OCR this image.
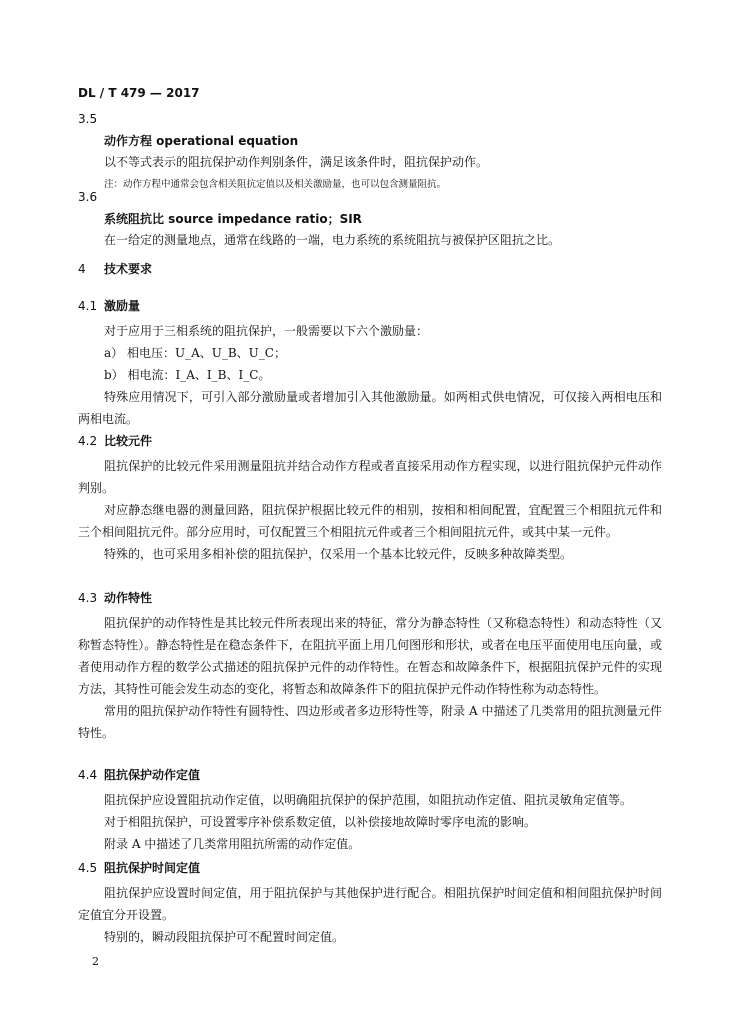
DL / T 479 — 2017
3.5
动作方程 operational equation
以不等式表示的阻抗保护动作判别条件，满足该条件时，阻抗保护动作。
注：动作方程中通常会包含相关阻抗定值以及相关激励量，也可以包含测量阻抗。
3.6
系统阻抗比 source impedance ratio；SIR
在一给定的测量地点，通常在线路的一端，电力系统的系统阻抗与被保护区阻抗之比。
4 技术要求
4.1 激励量

对于应用于三相系统的阻抗保护，一般需要以下六个激励量：

a） 相电压：U_A、U_B、U_C；

b） 相电流：I_A、I_B、I_C。

特殊应用情况下，可引入部分激励量或者增加引入其他激励量。如两相式供电情况，可仅接入两相电压和两相电流。

4.2 比较元件

阻抗保护的比较元件采用测量阻抗并结合动作方程或者直接采用动作方程实现，以进行阻抗保护元件动作判别。

对应静态继电器的测量回路，阻抗保护根据比较元件的相别，按相和相间配置，宜配置三个相阻抗元件和三个相间阻抗元件。部分应用时，可仅配置三个相阻抗元件或者三个相间阻抗元件，或其中某一元件。

特殊的，也可采用多相补偿的阻抗保护，仅采用一个基本比较元件，反映多种故障类型。

4.3 动作特性

阻抗保护的动作特性是其比较元件所表现出来的特征，常分为静态特性（又称稳态特性）和动态特性（又称暂态特性）。静态特性是在稳态条件下，在阻抗平面上用几何图形和形状，或者在电压平面使用电压向量，或者使用动作方程的数学公式描述的阻抗保护元件的动作特性。在暂态和故障条件下，根据阻抗保护元件的实现方法，其特性可能会发生动态的变化，将暂态和故障条件下的阻抗保护元件动作特性称为动态特性。

常用的阻抗保护动作特性有圆特性、四边形或者多边形特性等，附录 A 中描述了几类常用的阻抗测量元件特性。

4.4 阻抗保护动作定值

阻抗保护应设置阻抗动作定值，以明确阻抗保护的保护范围，如阻抗动作定值、阻抗灵敏角定值等。

对于相阻抗保护，可设置零序补偿系数定值，以补偿接地故障时零序电流的影响。

附录 A 中描述了几类常用阻抗所需的动作定值。

4.5 阻抗保护时间定值

阻抗保护应设置时间定值，用于阻抗保护与其他保护进行配合。相阻抗保护时间定值和相间阻抗保护时间定值宜分开设置。

特别的，瞬动段阻抗保护可不配置时间定值。

2
